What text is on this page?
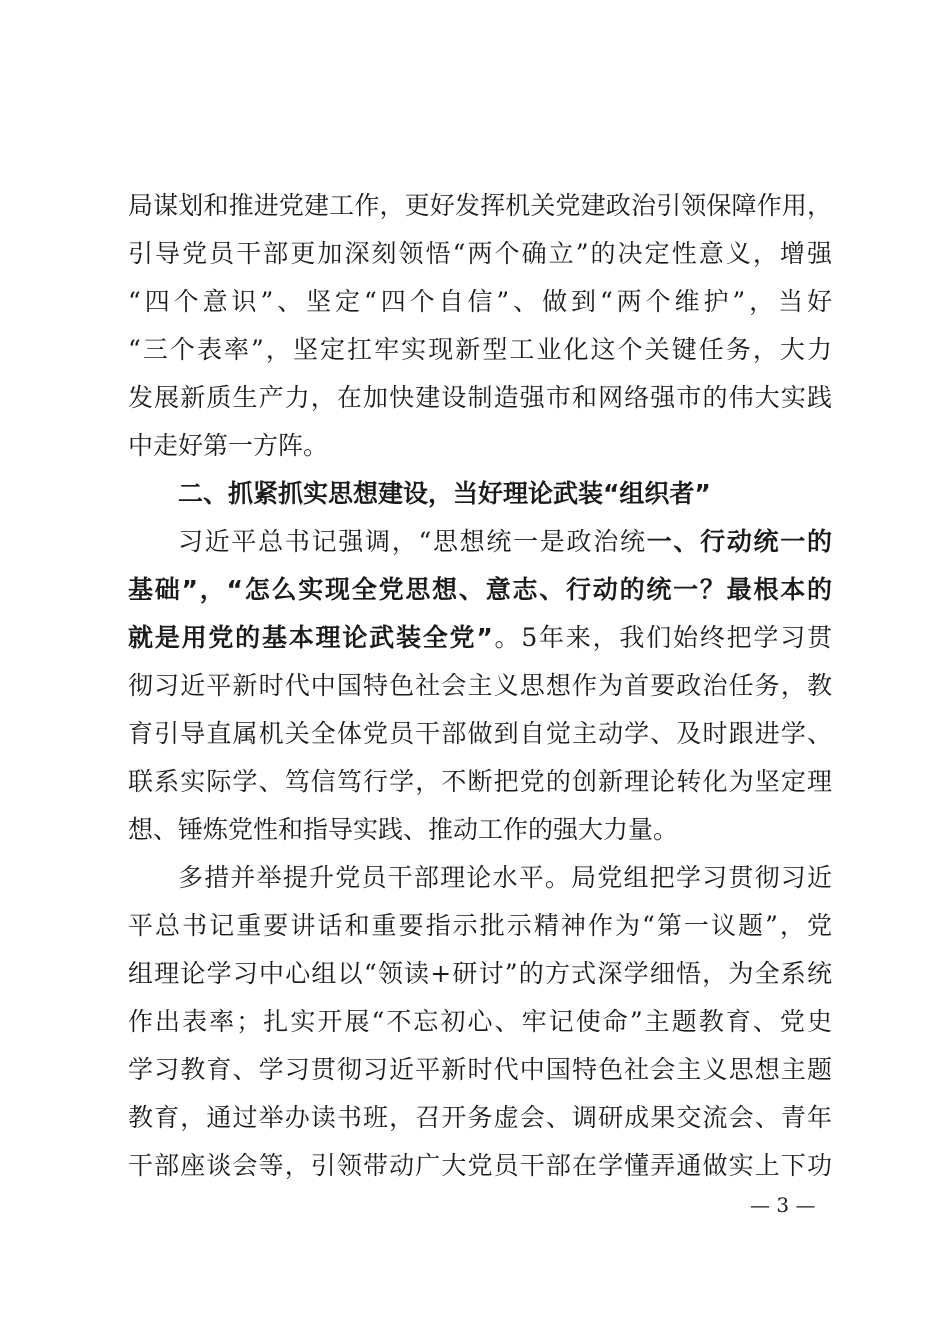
局谋划和推进党建工作，更好发挥机关党建政治引领保障作用，
引导党员干部更加深刻领悟“两个确立”的决定性意义，增强
“四个意识”、坚定“四个自信”、做到“两个维护”，当好
“三个表率”，坚定扛牢实现新型工业化这个关键任务，大力
发展新质生产力，在加快建设制造强市和网络强市的伟大实践
中走好第一方阵。
二、抓紧抓实思想建设，当好理论武装“组织者”
习近平总书记强调，“思想统一是政治统一、行动统一的
基础”，“怎么实现全党思想、意志、行动的统一？最根本的
就是用党的基本理论武装全党”。5年来，我们始终把学习贯
彻习近平新时代中国特色社会主义思想作为首要政治任务，教
育引导直属机关全体党员干部做到自觉主动学、及时跟进学、
联系实际学、笃信笃行学，不断把党的创新理论转化为坚定理
想、锤炼党性和指导实践、推动工作的强大力量。
多措并举提升党员干部理论水平。局党组把学习贯彻习近
平总书记重要讲话和重要指示批示精神作为“第一议题”，党
组理论学习中心组以“领读+研讨”的方式深学细悟，为全系统
作出表率；扎实开展“不忘初心、牢记使命”主题教育、党史
学习教育、学习贯彻习近平新时代中国特色社会主义思想主题
教育，通过举办读书班，召开务虚会、调研成果交流会、青年
干部座谈会等，引领带动广大党员干部在学懂弄通做实上下功
— 3 —
